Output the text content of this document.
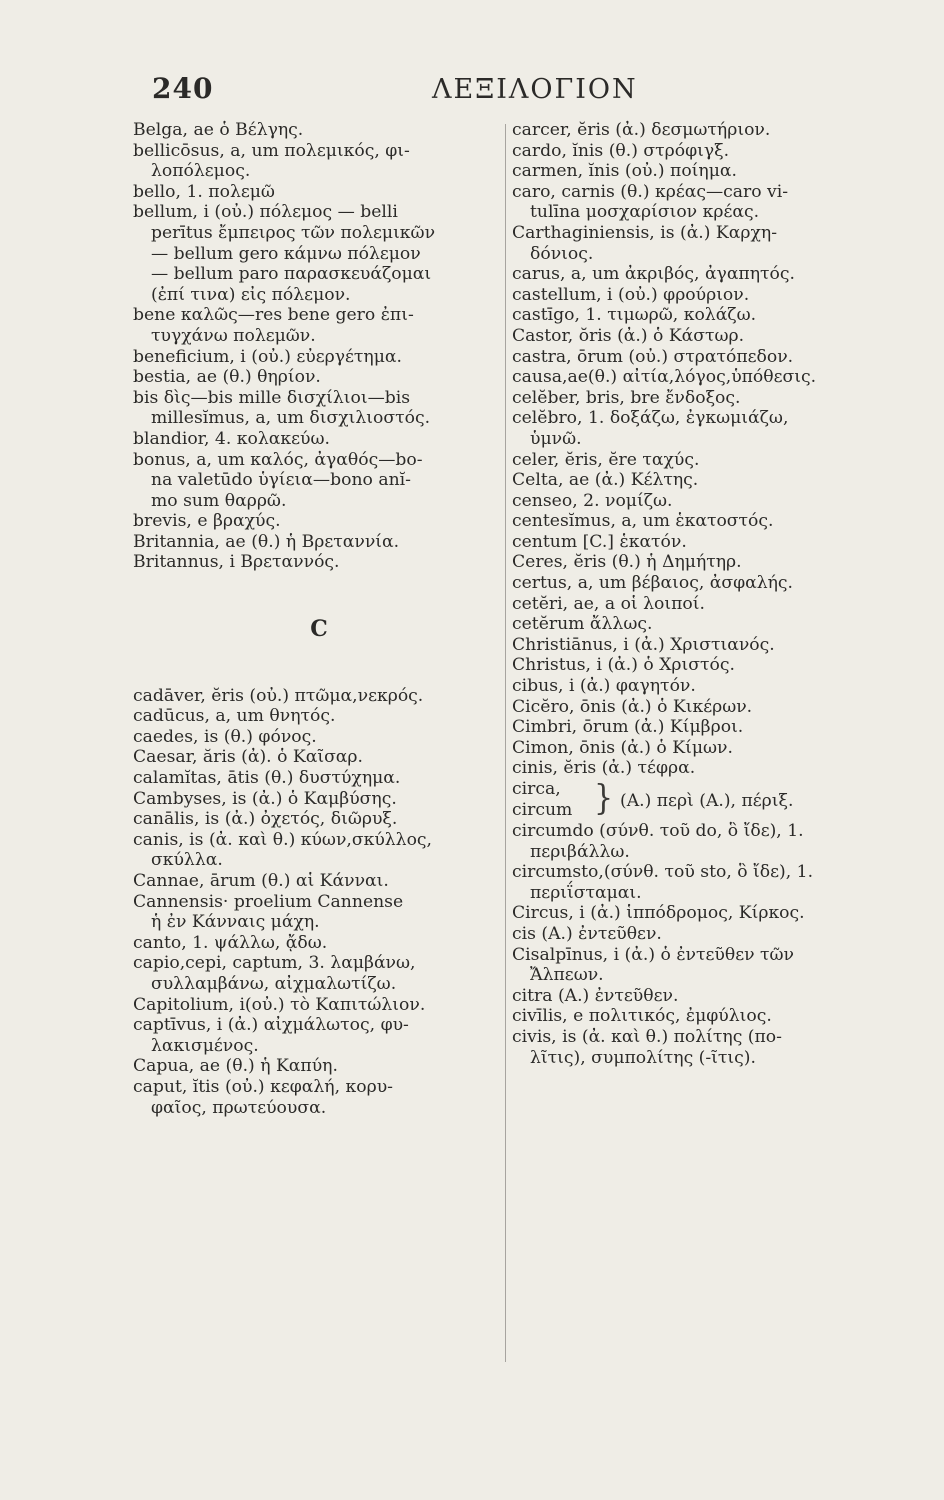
240	ΛΕΞΙΛΟΓΙΟΝ
Belga, ae ὁ Βέλγης.
bellicōsus, a, um πολεμικός, φι-
λοπόλεμος.
bello, 1. πολεμῶ
bellum, i (οὐ.) πόλεμος — belli
perītus ἔμπειρος τῶν πολεμικῶν
— bellum gero κάμνω πόλεμον
— bellum paro παρασκευάζομαι
(ἐπί τινα) εἰς πόλεμον.
bene καλῶς—res bene gero ἐπι-
τυγχάνω πολεμῶν.
beneficium, i (οὐ.) εὐεργέτημα.
bestia, ae (θ.) θηρίον.
bis δὶς—bis mille δισχίλιοι—bis
millesĭmus, a, um δισχιλιοστός.
blandior, 4. κολακεύω.
bonus, a, um καλός, ἀγαθός—bo-
na valetūdo ὑγίεια—bono anĭ-
mo sum θαρρῶ.
brevis, e βραχύς.
Britannia, ae (θ.) ἡ Βρεταννία.
Britannus, i Βρεταννός.
C
cadāver, ĕris (οὐ.) πτῶμα,νεκρός.
cadūcus, a, um θνητός.
caedes, is (θ.) φόνος.
Caesar, ăris (ἀ). ὁ Καῖσαρ.
calamĭtas, ātis (θ.) δυστύχημα.
Cambyses, is (ἀ.) ὁ Καμβύσης.
canālis, is (ἀ.) ὀχετός, διῶρυξ.
canis, is (ἀ. καὶ θ.) κύων,σκύλλος,
σκύλλα.
Cannae, ārum (θ.) αἱ Κάνναι.
Cannensis· proelium Cannense
ἡ ἐν Κάνναις μάχη.
canto, 1. ψάλλω, ᾄδω.
capio,cepi, captum, 3. λαμβάνω,
συλλαμβάνω, αἰχμαλωτίζω.
Capitolium, i(οὐ.) τὸ Καπιτώλιον.
captīvus, i (ἀ.) αἰχμάλωτος, φυ-
λακισμένος.
Capua, ae (θ.) ἡ Καπύη.
caput, ĭtis (οὐ.) κεφαλή, κορυ-
φαῖος, πρωτεύουσα.
carcer, ĕris (ἀ.) δεσμωτήριον.
cardo, ĭnis (θ.) στρόφιγξ.
carmen, ĭnis (οὐ.) ποίημα.
caro, carnis (θ.) κρέας—caro vi-
tulīna μοσχαρίσιον κρέας.
Carthaginiensis, is (ἀ.) Καρχη-
δόνιος.
carus, a, um ἀκριβός, ἀγαπητός.
castellum, i (οὐ.) φρούριον.
castīgo, 1. τιμωρῶ, κολάζω.
Castor, ŏris (ἀ.) ὁ Κάστωρ.
castra, ōrum (οὐ.) στρατόπεδον.
causa,ae(θ.) αἰτία,λόγος,ὑπόθεσις.
celĕber, bris, bre ἔνδοξος.
celĕbro, 1. δοξάζω, ἐγκωμιάζω,
ὑμνῶ.
celer, ĕris, ĕre ταχύς.
Celta, ae (ἀ.) Κέλτης.
censeo, 2. νομίζω.
centesĭmus, a, um ἑκατοστός.
centum [C.] ἑκατόν.
Ceres, ĕris (θ.) ἡ Δημήτηρ.
certus, a, um βέβαιος, ἀσφαλής.
cetĕri, ae, a οἱ λοιποί.
cetĕrum ἄλλως.
Christiānus, i (ἀ.) Χριστιανός.
Christus, i (ἀ.) ὁ Χριστός.
cibus, i (ἀ.) φαγητόν.
Cicĕro, ōnis (ἀ.) ὁ Κικέρων.
Cimbri, ōrum (ἀ.) Κίμβροι.
Cimon, ōnis (ἀ.) ὁ Κίμων.
cinis, ĕris (ἀ.) τέφρα.
circa,
circum } (A.) περὶ (A.), πέριξ.
circumdo (σύνθ. τοῦ do, ὃ ἴδε), 1.
περιβάλλω.
circumsto,(σύνθ. τοῦ sto, ὃ ἴδε), 1.
περιΐσταμαι.
Circus, i (ἀ.) ἱππόδρομος, Κίρκος.
cis (A.) ἐντεῦθεν.
Cisalpīnus, i (ἀ.) ὁ ἐντεῦθεν τῶν
Ἄλπεων.
citra (A.) ἐντεῦθεν.
civīlis, e πολιτικός, ἐμφύλιος.
civis, is (ἀ. καὶ θ.) πολίτης (πο-
λῖτις), συμπολίτης (-ῖτις).
